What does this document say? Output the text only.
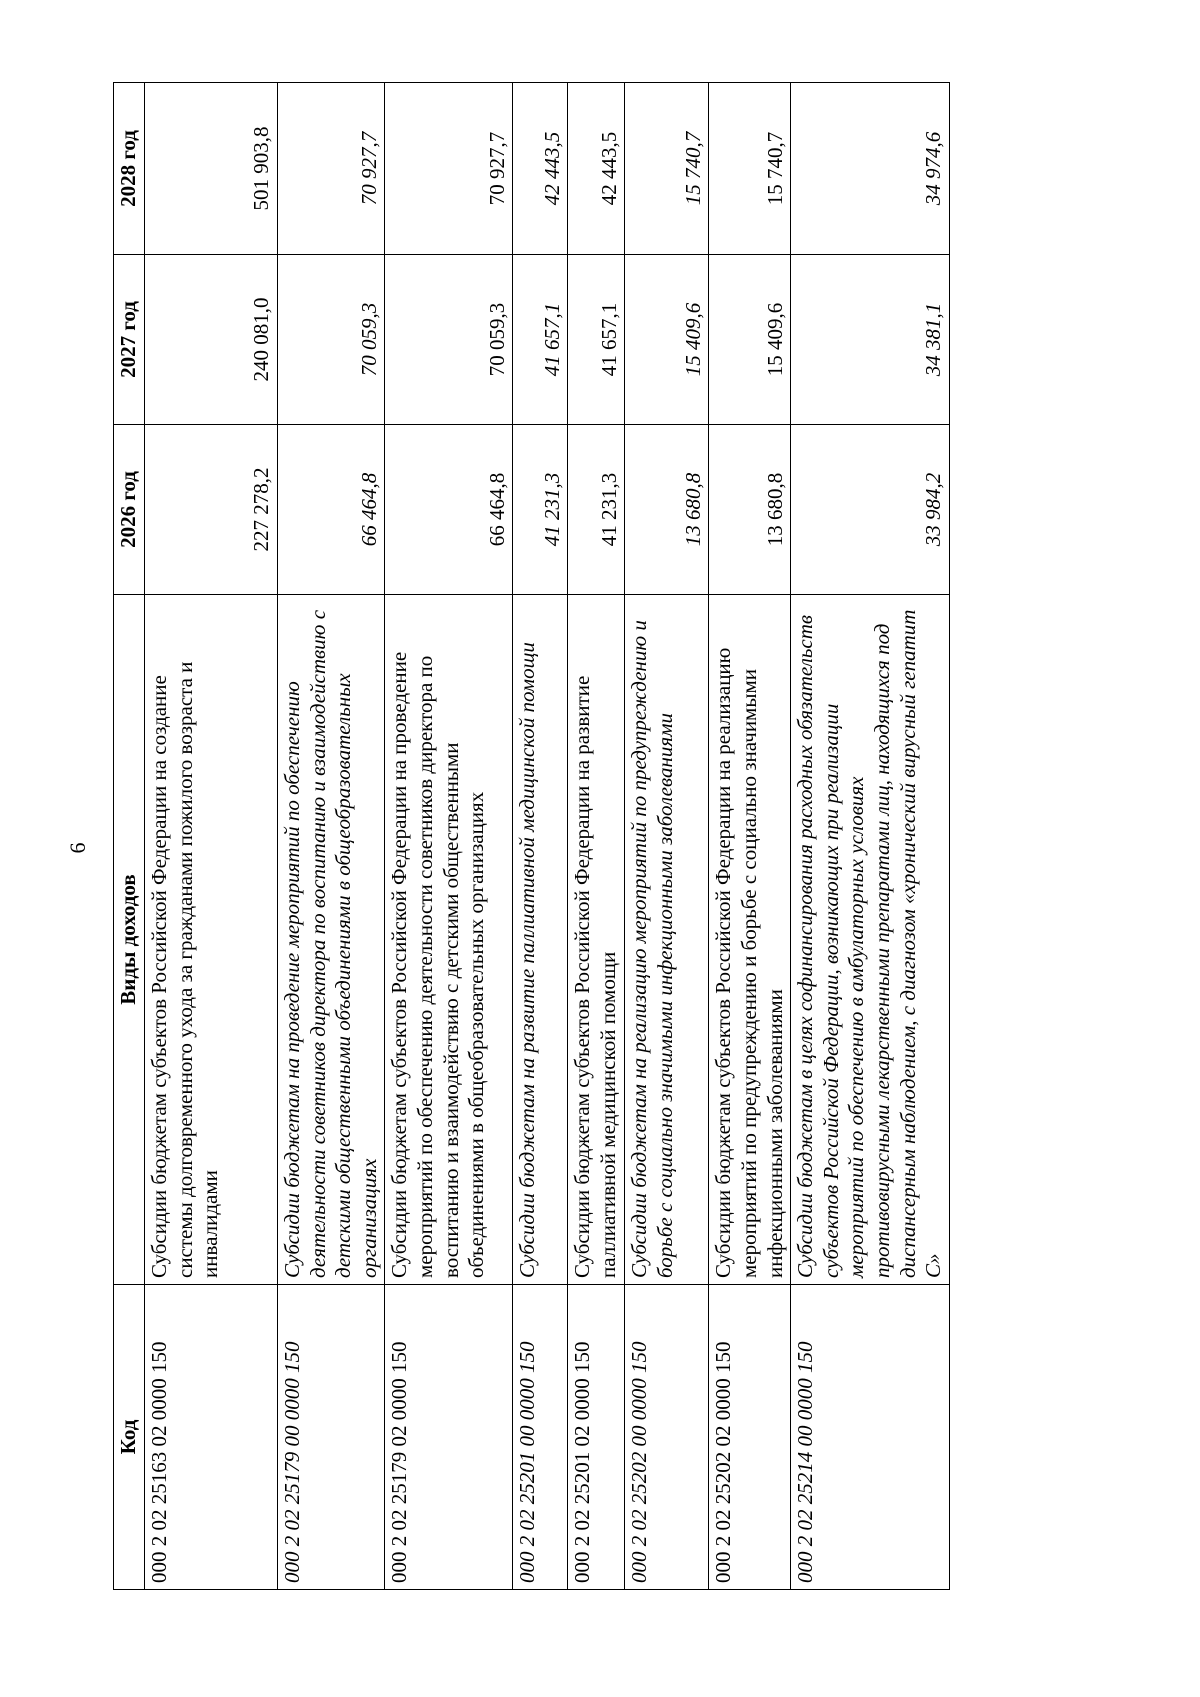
6
Код	Виды доходов	2026 год	2027 год	2028 год
000 2 02 25163 02 0000 150	Субсидии бюджетам субъектов Российской Федерации на создание системы долговременного ухода за гражданами пожилого возраста и инвалидами	227 278,2	240 081,0	501 903,8
000 2 02 25179 00 0000 150	Субсидии бюджетам на проведение мероприятий по обеспечению деятельности советников директора по воспитанию и взаимодействию с детскими общественными объединениями в общеобразовательных организациях	66 464,8	70 059,3	70 927,7
000 2 02 25179 02 0000 150	Субсидии бюджетам субъектов Российской Федерации на проведение мероприятий по обеспечению деятельности советников директора по воспитанию и взаимодействию с детскими общественными объединениями в общеобразовательных организациях	66 464,8	70 059,3	70 927,7
000 2 02 25201 00 0000 150	Субсидии бюджетам на развитие паллиативной медицинской помощи	41 231,3	41 657,1	42 443,5
000 2 02 25201 02 0000 150	Субсидии бюджетам субъектов Российской Федерации на развитие паллиативной медицинской помощи	41 231,3	41 657,1	42 443,5
000 2 02 25202 00 0000 150	Субсидии бюджетам на реализацию мероприятий по предупреждению и борьбе с социально значимыми инфекционными заболеваниями	13 680,8	15 409,6	15 740,7
000 2 02 25202 02 0000 150	Субсидии бюджетам субъектов Российской Федерации на реализацию мероприятий по предупреждению и борьбе с социально значимыми инфекционными заболеваниями	13 680,8	15 409,6	15 740,7
000 2 02 25214 00 0000 150	Субсидии бюджетам в целях софинансирования расходных обязательств субъектов Российской Федерации, возникающих при реализации мероприятий по обеспечению в амбулаторных условиях противовирусными лекарственными препаратами лиц, находящихся под диспансерным наблюдением, с диагнозом «хронический вирусный гепатит С»	33 984,2	34 381,1	34 974,6
